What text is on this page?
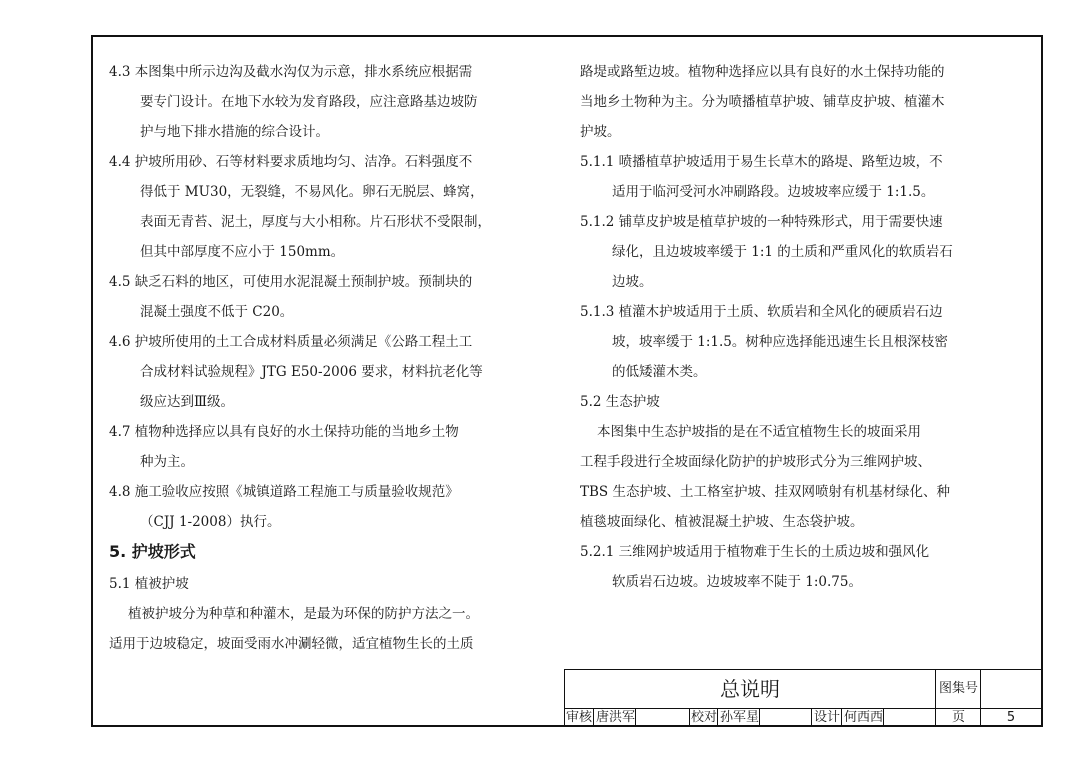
4.3 本图集中所示边沟及截水沟仅为示意，排水系统应根据需
要专门设计。在地下水较为发育路段，应注意路基边坡防
护与地下排水措施的综合设计。
4.4 护坡所用砂、石等材料要求质地均匀、洁净。石料强度不
得低于 MU30，无裂缝，不易风化。卵石无脱层、蜂窝，
表面无青苔、泥土，厚度与大小相称。片石形状不受限制，
但其中部厚度不应小于 150mm。
4.5 缺乏石料的地区，可使用水泥混凝土预制护坡。预制块的
混凝土强度不低于 C20。
4.6 护坡所使用的土工合成材料质量必须满足《公路工程土工
合成材料试验规程》JTG E50-2006 要求，材料抗老化等
级应达到Ⅲ级。
4.7 植物种选择应以具有良好的水土保持功能的当地乡土物
种为主。
4.8 施工验收应按照《城镇道路工程施工与质量验收规范》
（CJJ 1-2008）执行。
5. 护坡形式
5.1 植被护坡
植被护坡分为种草和种灌木，是最为环保的防护方法之一。
适用于边坡稳定，坡面受雨水冲涮轻微，适宜植物生长的土质
路堤或路堑边坡。植物种选择应以具有良好的水土保持功能的
当地乡土物种为主。分为喷播植草护坡、铺草皮护坡、植灌木
护坡。
5.1.1 喷播植草护坡适用于易生长草木的路堤、路堑边坡，不
适用于临河受河水冲刷路段。边坡坡率应缓于 1:1.5。
5.1.2 铺草皮护坡是植草护坡的一种特殊形式，用于需要快速
绿化，且边坡坡率缓于 1:1 的土质和严重风化的软质岩石
边坡。
5.1.3 植灌木护坡适用于土质、软质岩和全风化的硬质岩石边
坡，坡率缓于 1:1.5。树种应选择能迅速生长且根深枝密
的低矮灌木类。
5.2 生态护坡
本图集中生态护坡指的是在不适宜植物生长的坡面采用
工程手段进行全坡面绿化防护的护坡形式分为三维网护坡、
TBS 生态护坡、土工格室护坡、挂双网喷射有机基材绿化、种
植毯坡面绿化、植被混凝土护坡、生态袋护坡。
5.2.1 三维网护坡适用于植物难于生长的土质边坡和强风化
软质岩石边坡。边坡坡率不陡于 1:0.75。
总说明	图集号
审核 唐洪军	校对 孙军星	设计 何西西	页	5
